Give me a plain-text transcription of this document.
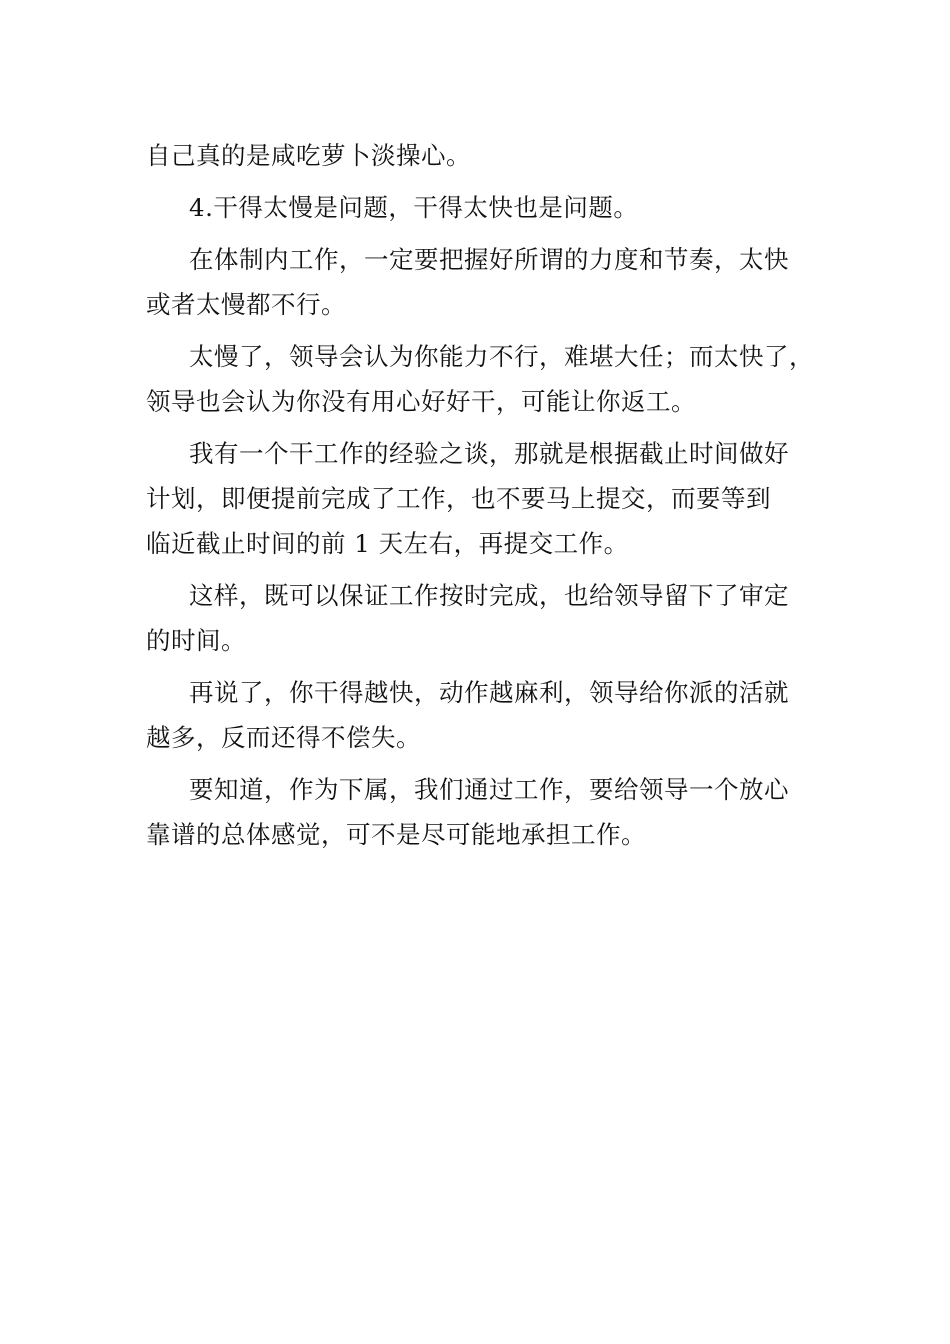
自己真的是咸吃萝卜淡操心。

4.干得太慢是问题，干得太快也是问题。

在体制内工作，一定要把握好所谓的力度和节奏，太快
或者太慢都不行。

太慢了，领导会认为你能力不行，难堪大任；而太快了，
领导也会认为你没有用心好好干，可能让你返工。

我有一个干工作的经验之谈，那就是根据截止时间做好
计划，即便提前完成了工作，也不要马上提交，而要等到
临近截止时间的前 1 天左右，再提交工作。

这样，既可以保证工作按时完成，也给领导留下了审定
的时间。

再说了，你干得越快，动作越麻利，领导给你派的活就
越多，反而还得不偿失。

要知道，作为下属，我们通过工作，要给领导一个放心
靠谱的总体感觉，可不是尽可能地承担工作。
